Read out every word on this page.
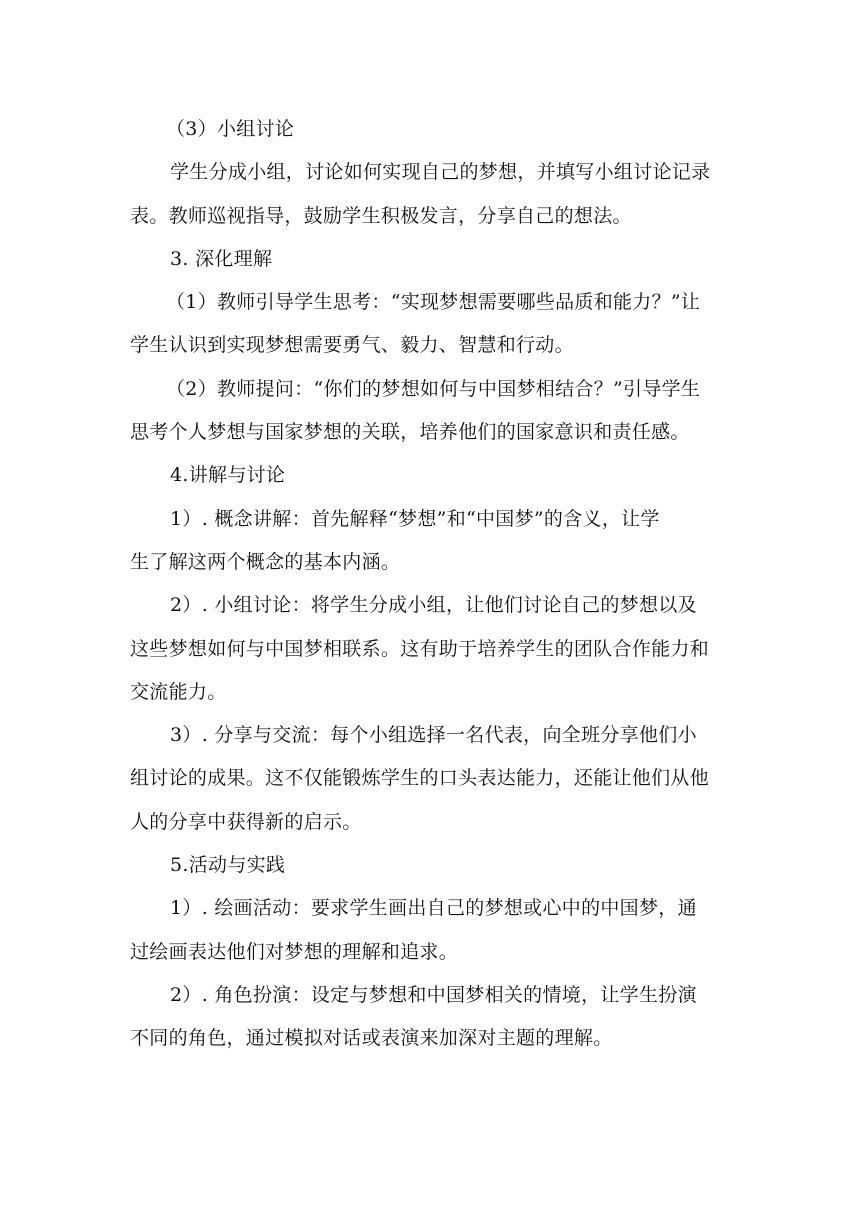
（3）小组讨论
学生分成小组，讨论如何实现自己的梦想，并填写小组讨论记录
表。教师巡视指导，鼓励学生积极发言，分享自己的想法。
3. 深化理解
（1）教师引导学生思考：“实现梦想需要哪些品质和能力？”让
学生认识到实现梦想需要勇气、毅力、智慧和行动。
（2）教师提问：“你们的梦想如何与中国梦相结合？”引导学生
思考个人梦想与国家梦想的关联，培养他们的国家意识和责任感。
4.讲解与讨论
1）. 概念讲解：首先解释“梦想”和“中国梦”的含义，让学
生了解这两个概念的基本内涵。
2）. 小组讨论：将学生分成小组，让他们讨论自己的梦想以及
这些梦想如何与中国梦相联系。这有助于培养学生的团队合作能力和
交流能力。
3）. 分享与交流：每个小组选择一名代表，向全班分享他们小
组讨论的成果。这不仅能锻炼学生的口头表达能力，还能让他们从他
人的分享中获得新的启示。
5.活动与实践
1）. 绘画活动：要求学生画出自己的梦想或心中的中国梦，通
过绘画表达他们对梦想的理解和追求。
2）. 角色扮演：设定与梦想和中国梦相关的情境，让学生扮演
不同的角色，通过模拟对话或表演来加深对主题的理解。
